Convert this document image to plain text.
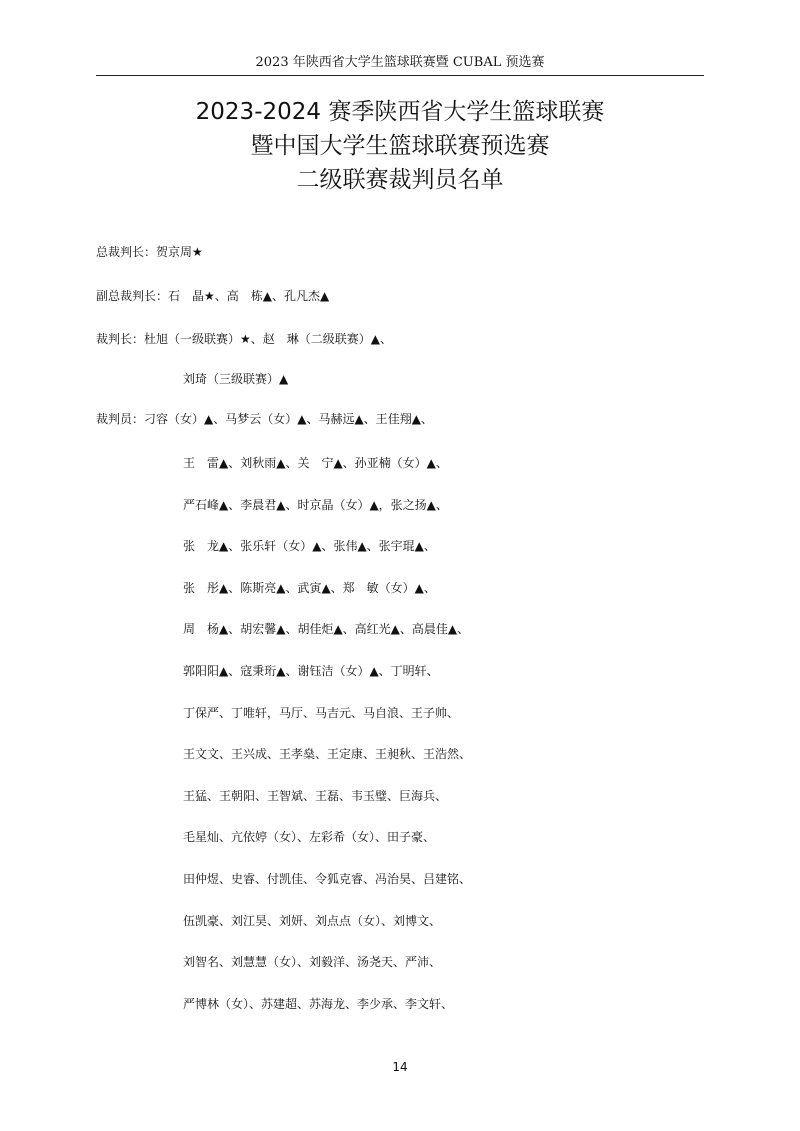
2023 年陕西省大学生篮球联赛暨 CUBAL 预选赛
2023-2024 赛季陕西省大学生篮球联赛
暨中国大学生篮球联赛预选赛
二级联赛裁判员名单
总裁判长：贺京周★
副总裁判长：石　晶★、高　栋▲、孔凡杰▲
裁判长：杜旭（一级联赛）★、赵　琳（二级联赛）▲、
刘琦（三级联赛）▲
裁判员：刁容（女）▲、马梦云（女）▲、马赫远▲、王佳翔▲、
王　雷▲、刘秋雨▲、关　宁▲、孙亚楠（女）▲、
严石峰▲、李晨君▲、时京晶（女）▲，张之扬▲、
张　龙▲、张乐轩（女）▲、张伟▲、张宇琨▲、
张　彤▲、陈斯亮▲、武寅▲、郑　敏（女）▲、
周　杨▲、胡宏馨▲、胡佳炬▲、高红光▲、高晨佳▲、
郭阳阳▲、寇秉珩▲、谢钰洁（女）▲、丁明轩、
丁保严、丁唯轩，马厅、马吉元、马自浪、王子帅、
王文文、王兴成、王孝燊、王定康、王昶秋、王浩然、
王猛、王朝阳、王智斌、王磊、韦玉璧、巨海兵、
毛星灿、亢依婷（女）、左彩希（女）、田子豪、
田仲煜、史睿、付凯佳、令狐克睿、冯治昊、吕建铭、
伍凯豪、刘江昊、刘妍、刘点点（女）、刘博文、
刘智名、刘慧慧（女）、刘毅洋、汤尧天、严沛、
严博林（女）、苏建超、苏海龙、李少承、李文轩、
14
